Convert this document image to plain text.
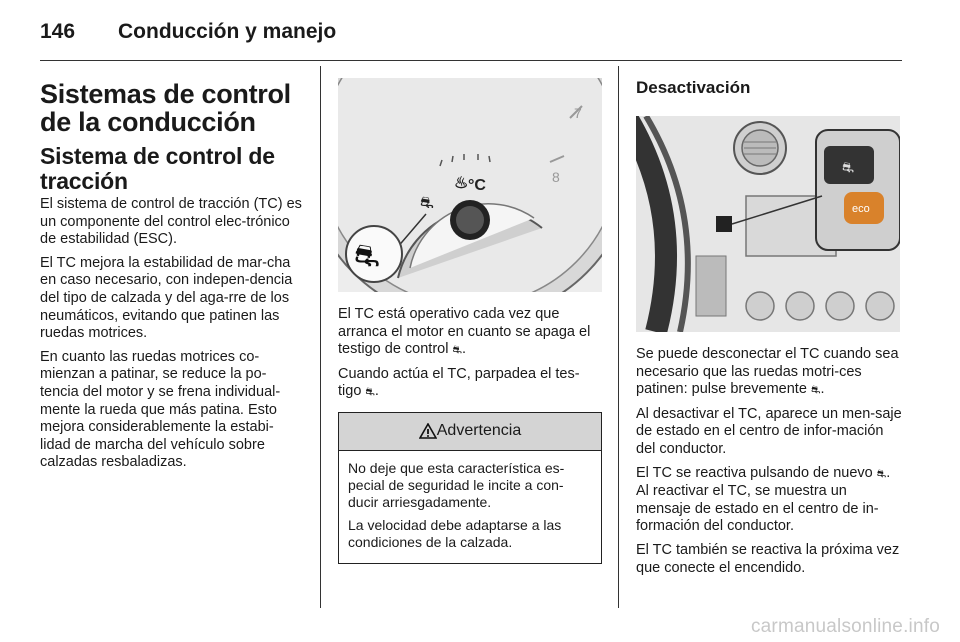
146 Conducción y manejo
Sistemas de control de la conducción
Sistema de control de tracción

El sistema de control de tracción (TC) es un componente del control elec-trónico de estabilidad (ESC).

El TC mejora la estabilidad de mar-cha en caso necesario, con indepen-dencia del tipo de calzada y del aga-rre de los neumáticos, evitando que patinen las ruedas motrices.

En cuanto las ruedas motrices co-mienzan a patinar, se reduce la po-tencia del motor y se frena individual-mente la rueda que más patina. Esto mejora considerablemente la estabi-lidad de marcha del vehículo sobre calzadas resbaladizas.

7
8
♨ °C
⛐
⛐

El TC está operativo cada vez que arranca el motor en cuanto se apaga el testigo de control ⛐.

Cuando actúa el TC, parpadea el tes-tigo ⛐.

Advertencia

No deje que esta característica es-pecial de seguridad le incite a con-ducir arriesgadamente.

La velocidad debe adaptarse a las condiciones de la calzada.

Desactivación
⛐
eco

Se puede desconectar el TC cuando sea necesario que las ruedas motri-ces patinen: pulse brevemente ⛐.

Al desactivar el TC, aparece un men-saje de estado en el centro de infor-mación del conductor.

El TC se reactiva pulsando de nuevo ⛐. Al reactivar el TC, se muestra un mensaje de estado en el centro de in-formación del conductor.

El TC también se reactiva la próxima vez que conecte el encendido.

carmanualsonline.info
